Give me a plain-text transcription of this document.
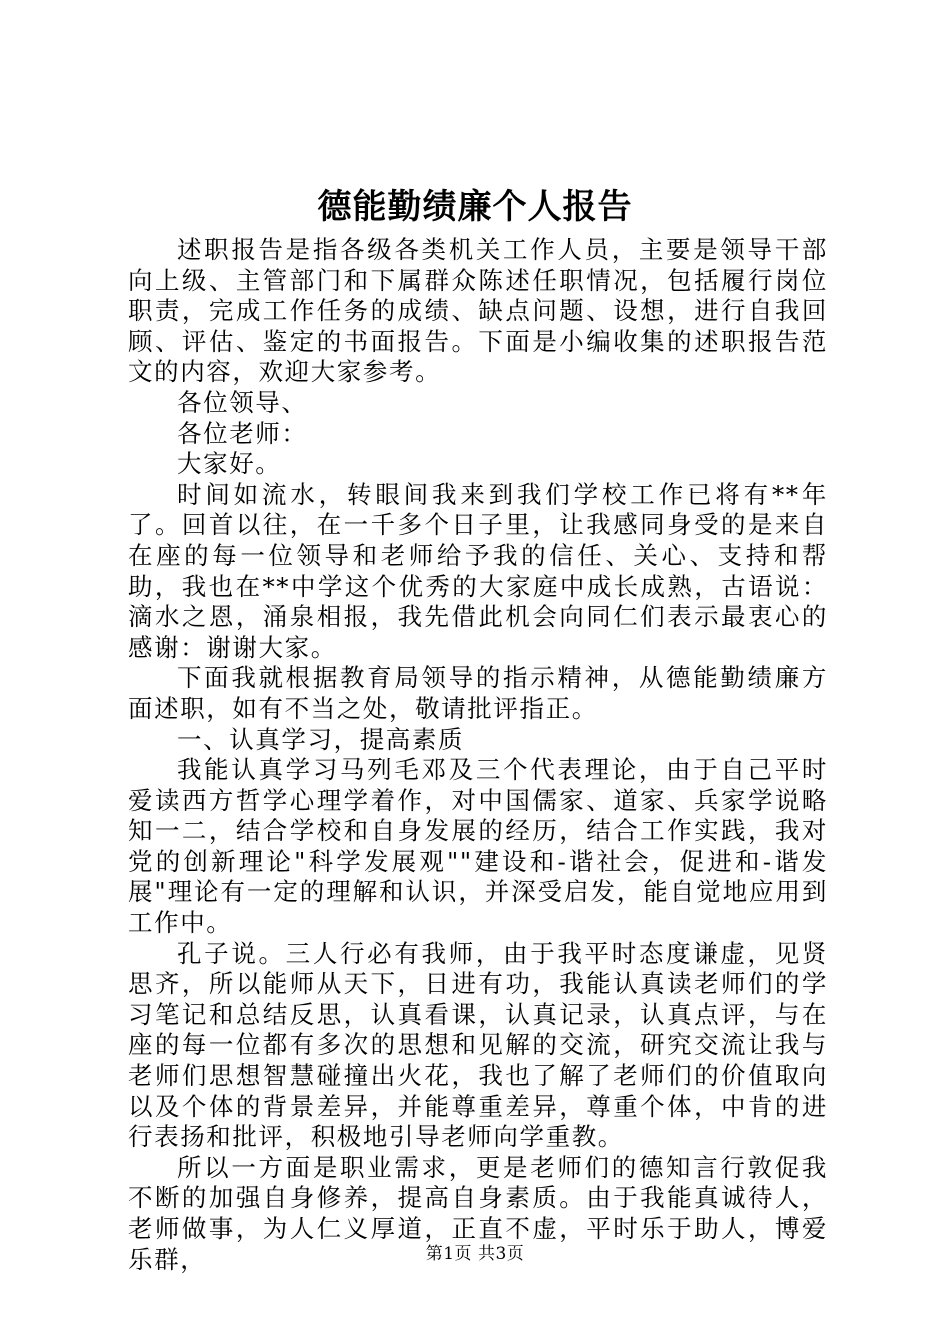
德能勤绩廉个人报告

述职报告是指各级各类机关工作人员，主要是领导干部向上级、主管部门和下属群众陈述任职情况，包括履行岗位职责，完成工作任务的成绩、缺点问题、设想，进行自我回顾、评估、鉴定的书面报告。下面是小编收集的述职报告范文的内容，欢迎大家参考。

各位领导、

各位老师：

大家好。

时间如流水，转眼间我来到我们学校工作已将有**年了。回首以往，在一千多个日子里，让我感同身受的是来自在座的每一位领导和老师给予我的信任、关心、支持和帮助，我也在**中学这个优秀的大家庭中成长成熟，古语说：滴水之恩，涌泉相报，我先借此机会向同仁们表示最衷心的感谢：谢谢大家。

下面我就根据教育局领导的指示精神，从德能勤绩廉方面述职，如有不当之处，敬请批评指正。

一、认真学习，提高素质

我能认真学习马列毛邓及三个代表理论，由于自己平时爱读西方哲学心理学着作，对中国儒家、道家、兵家学说略知一二，结合学校和自身发展的经历，结合工作实践，我对党的创新理论"科学发展观""建设和-谐社会，促进和-谐发展"理论有一定的理解和认识，并深受启发，能自觉地应用到工作中。

孔子说。三人行必有我师，由于我平时态度谦虚，见贤思齐，所以能师从天下，日进有功，我能认真读老师们的学习笔记和总结反思，认真看课，认真记录，认真点评，与在座的每一位都有多次的思想和见解的交流，研究交流让我与老师们思想智慧碰撞出火花，我也了解了老师们的价值取向以及个体的背景差异，并能尊重差异，尊重个体，中肯的进行表扬和批评，积极地引导老师向学重教。

所以一方面是职业需求，更是老师们的德知言行敦促我不断的加强自身修养，提高自身素质。由于我能真诚待人，老师做事，为人仁义厚道，正直不虚，平时乐于助人，博爱乐群，	第1页 共3页
